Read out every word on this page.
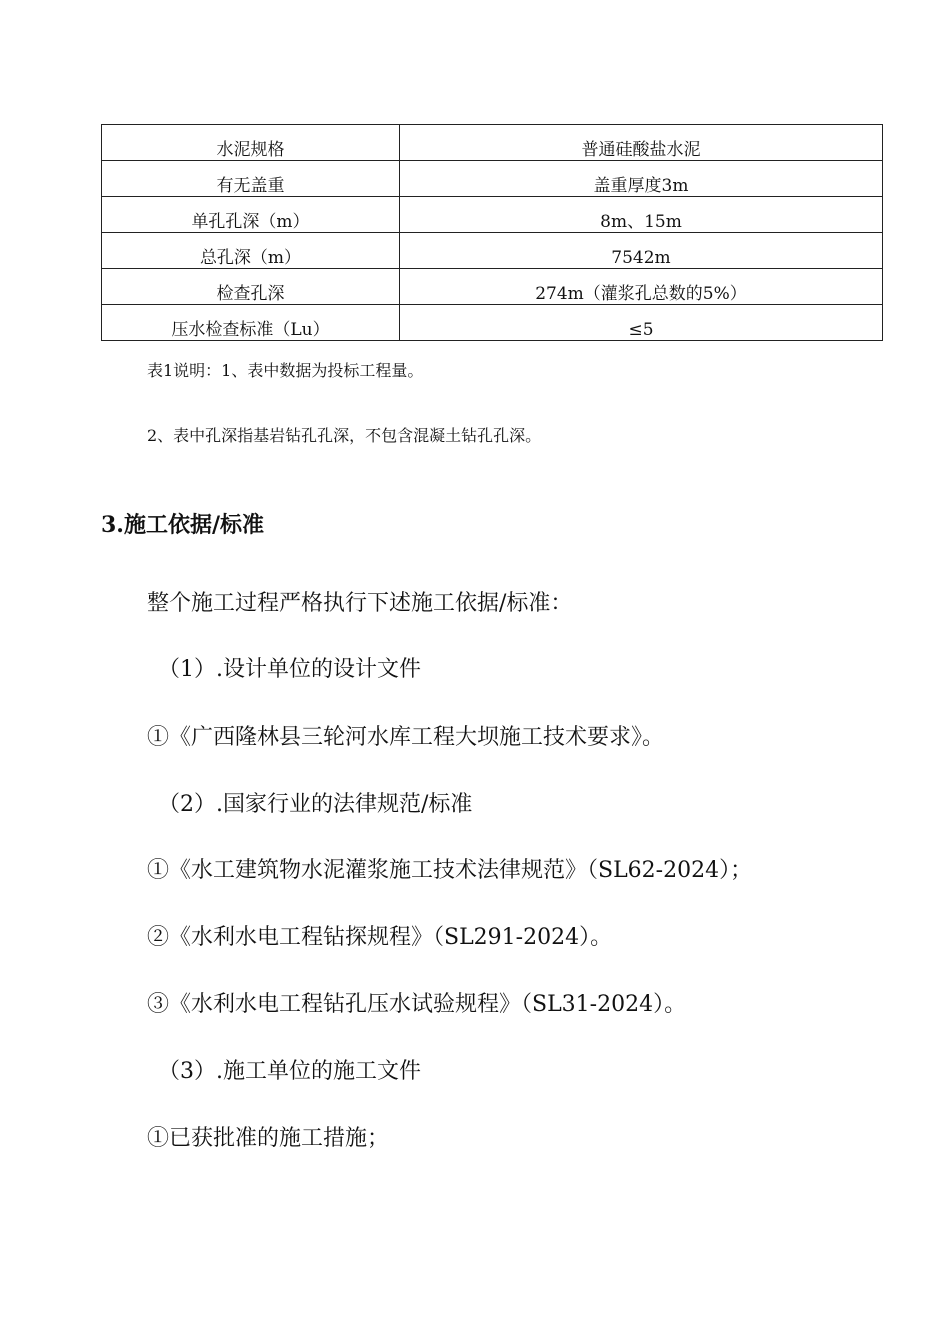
水泥规格	普通硅酸盐水泥
有无盖重	盖重厚度3m
单孔孔深（m）	8m、15m
总孔深（m）	7542m
检查孔深	274m（灌浆孔总数的5%）
压水检查标准（Lu）	≤5
表1说明：1、表中数据为投标工程量。
2、表中孔深指基岩钻孔孔深，不包含混凝土钻孔孔深。
3.施工依据/标准
整个施工过程严格执行下述施工依据/标准：
（1）.设计单位的设计文件
①《广西隆林县三轮河水库工程大坝施工技术要求》。
（2）.国家行业的法律规范/标准
①《水工建筑物水泥灌浆施工技术法律规范》（SL62-2024）；
②《水利水电工程钻探规程》（SL291-2024）。
③《水利水电工程钻孔压水试验规程》（SL31-2024）。
（3）.施工单位的施工文件
①已获批准的施工措施；
